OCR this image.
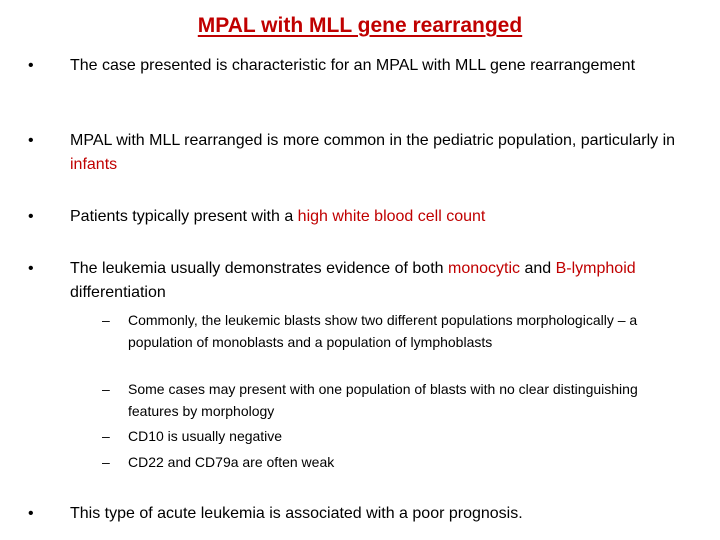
MPAL with MLL gene rearranged
• The case presented is characteristic for an MPAL with MLL gene rearrangement
• MPAL with MLL rearranged is more common in the pediatric population, particularly in infants
• Patients typically present with a high white blood cell count
• The leukemia usually demonstrates evidence of both monocytic and B-lymphoid differentiation
– Commonly, the leukemic blasts show two different populations morphologically – a population of monoblasts and a population of lymphoblasts
– Some cases may present with one population of blasts with no clear distinguishing features by morphology
– CD10 is usually negative
– CD22 and CD79a are often weak
• This type of acute leukemia is associated with a poor prognosis.
